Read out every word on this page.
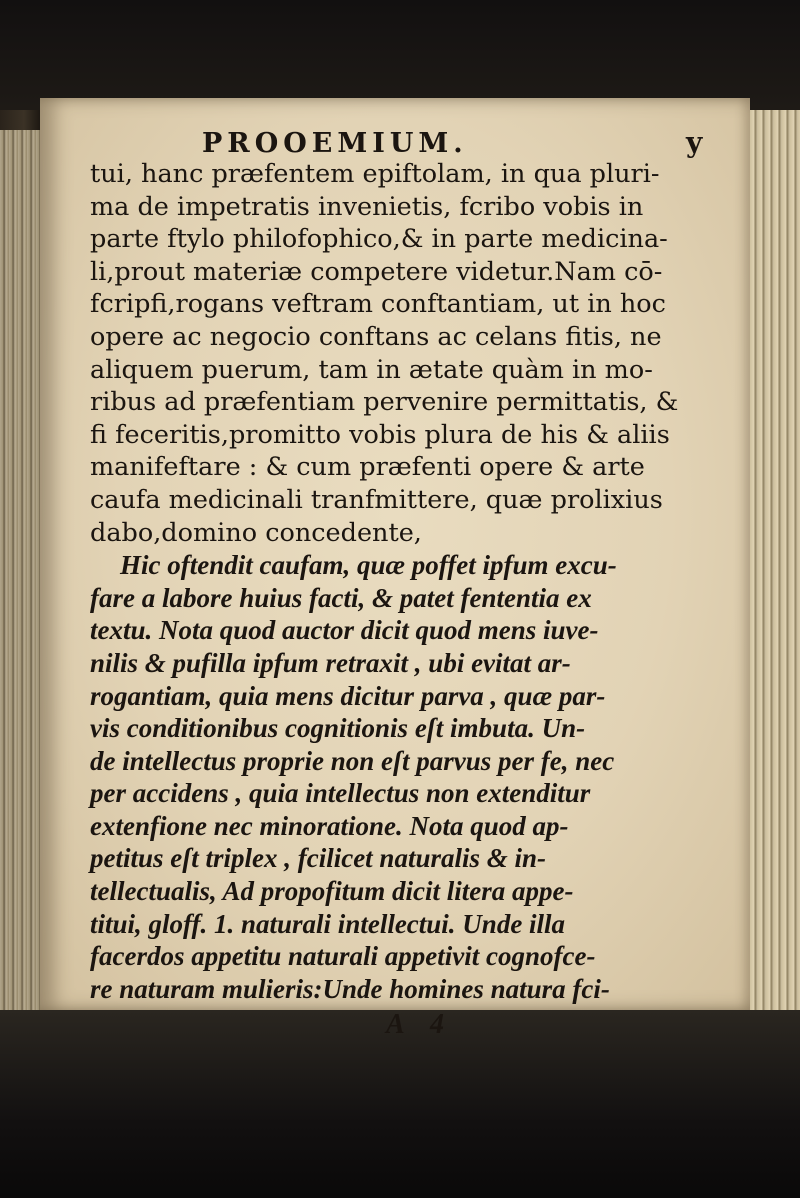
PROOEMIUM.	y
tui, hanc præfentem epiftolam, in qua pluri-
ma de impetratis invenietis, fcribo vobis in
parte ftylo philofophico,& in parte medicina-
li,prout materiæ competere videtur.Nam cō-
fcripfi,rogans veftram conftantiam, ut in hoc
opere ac negocio conftans ac celans fitis, ne
aliquem puerum, tam in ætate quàm in mo-
ribus ad præfentiam pervenire permittatis, &
fi feceritis,promitto vobis plura de his & aliis
manifeftare : & cum præfenti opere & arte
caufa medicinali tranfmittere, quæ prolixius
dabo,domino concedente,
Hic oftendit caufam, quæ poffet ipfum excu-
fare a labore huius facti, & patet fententia ex
textu. Nota quod auctor dicit quod mens iuve-
nilis & pufilla ipfum retraxit , ubi evitat ar-
rogantiam, quia mens dicitur parva , quæ par-
vis conditionibus cognitionis eſt imbuta. Un-
de intellectus proprie non eſt parvus per fe, nec
per accidens , quia intellectus non extenditur
extenfione nec minoratione. Nota quod ap-
petitus eſt triplex , fcilicet naturalis & in-
tellectualis, Ad propofitum dicit litera appe-
titui, gloff. 1. naturali intellectui. Unde illa
facerdos appetitu naturali appetivit cognofce-
re naturam mulieris:Unde homines natura fci-
A 4
